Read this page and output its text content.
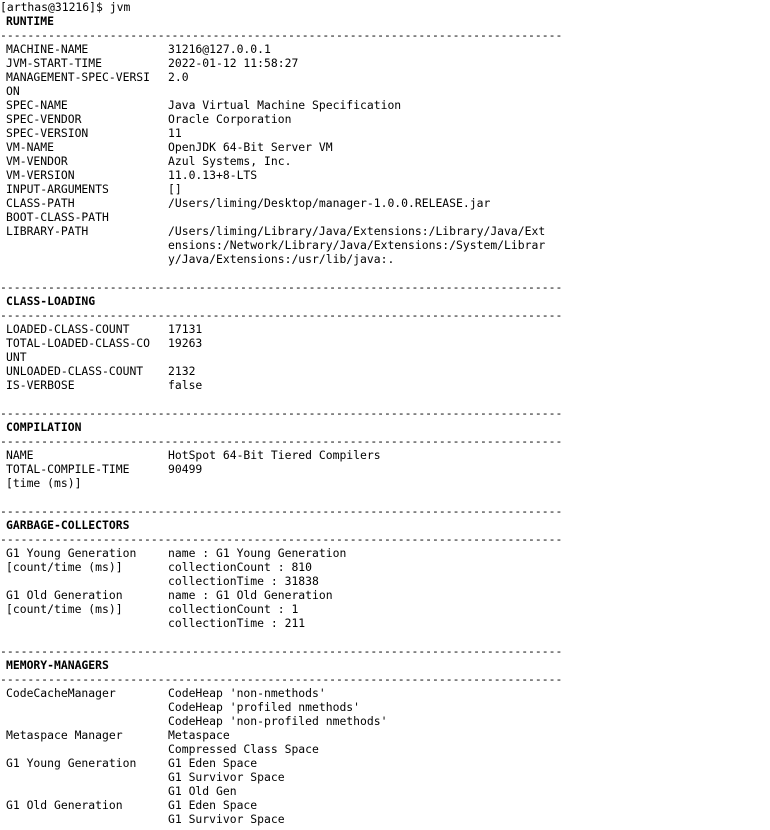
[arthas@31216]$ jvm
RUNTIME
----------------------------------------------------------------------------------
MACHINE-NAME	31216@127.0.0.1
JVM-START-TIME	2022-01-12 11:58:27
MANAGEMENT-SPEC-VERSI 2.0
ON
SPEC-NAME	Java Virtual Machine Specification
SPEC-VENDOR	Oracle Corporation
SPEC-VERSION	11
VM-NAME	OpenJDK 64-Bit Server VM
VM-VENDOR	Azul Systems, Inc.
VM-VERSION	11.0.13+8-LTS
INPUT-ARGUMENTS	[]
CLASS-PATH	/Users/liming/Desktop/manager-1.0.0.RELEASE.jar
BOOT-CLASS-PATH
LIBRARY-PATH	/Users/liming/Library/Java/Extensions:/Library/Java/Ext
ensions:/Network/Library/Java/Extensions:/System/Librar
y/Java/Extensions:/usr/lib/java:.
----------------------------------------------------------------------------------
CLASS-LOADING
----------------------------------------------------------------------------------
LOADED-CLASS-COUNT	17131
TOTAL-LOADED-CLASS-CO 19263
UNT
UNLOADED-CLASS-COUNT 2132
IS-VERBOSE	false
----------------------------------------------------------------------------------
COMPILATION
----------------------------------------------------------------------------------
NAME	HotSpot 64-Bit Tiered Compilers
TOTAL-COMPILE-TIME	90499
[time (ms)]
----------------------------------------------------------------------------------
GARBAGE-COLLECTORS
----------------------------------------------------------------------------------
G1 Young Generation	name : G1 Young Generation
[count/time (ms)]	collectionCount : 810
collectionTime : 31838
G1 Old Generation	name : G1 Old Generation
[count/time (ms)]	collectionCount : 1
collectionTime : 211
----------------------------------------------------------------------------------
MEMORY-MANAGERS
----------------------------------------------------------------------------------
CodeCacheManager	CodeHeap 'non-nmethods'
CodeHeap 'profiled nmethods'
CodeHeap 'non-profiled nmethods'
Metaspace Manager	Metaspace
Compressed Class Space
G1 Young Generation	G1 Eden Space
G1 Survivor Space
G1 Old Gen
G1 Old Generation	G1 Eden Space
G1 Survivor Space
